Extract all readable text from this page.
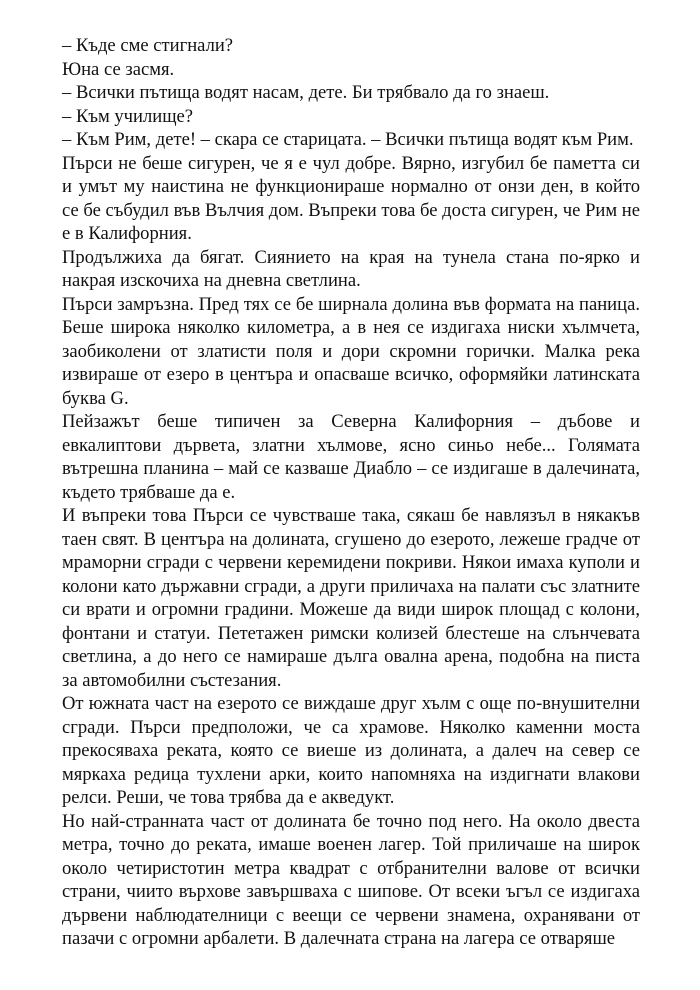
– Къде сме стигнали?

Юна се засмя.

– Всички пътища водят насам, дете. Би трябвало да го знаеш.

– Към училище?

– Към Рим, дете! – скара се старицата. – Всички пътища водят към Рим.

Пърси не беше сигурен, че я е чул добре. Вярно, изгубил бе паметта си и умът му наистина не функционираше нормално от онзи ден, в който се бе събудил във Вълчия дом. Въпреки това бе доста сигурен, че Рим не е в Калифорния.

Продължиха да бягат. Сиянието на края на тунела стана по-ярко и накрая изскочиха на дневна светлина.

Пърси замръзна. Пред тях се бе ширнала долина във формата на паница. Беше широка няколко километра, а в нея се издигаха ниски хълмчета, заобиколени от златисти поля и дори скромни горички. Малка река извираше от езеро в центъра и опасваше всичко, оформяйки латинската буква G.

Пейзажът беше типичен за Северна Калифорния – дъбове и евкалиптови дървета, златни хълмове, ясно синьо небе... Голямата вътрешна планина – май се казваше Диабло – се издигаше в далечината, където трябваше да е.

И въпреки това Пърси се чувстваше така, сякаш бе навлязъл в някакъв таен свят. В центъра на долината, сгушено до езерото, лежеше градче от мраморни сгради с червени керемидени покриви. Някои имаха куполи и колони като държавни сгради, а други приличаха на палати със златните си врати и огромни градини. Можеше да види широк площад с колони, фонтани и статуи. Пететажен римски колизей блестеше на слънчевата светлина, а до него се намираше дълга овална арена, подобна на писта за автомобилни състезания.

От южната част на езерото се виждаше друг хълм с още по-внушителни сгради. Пърси предположи, че са храмове. Няколко каменни моста прекосяваха реката, която се виеше из долината, а далеч на север се мяркаха редица тухлени арки, които напомняха на издигнати влакови релси. Реши, че това трябва да е акведукт.

Но най-странната част от долината бе точно под него. На около двеста метра, точно до реката, имаше военен лагер. Той приличаше на широк около четиристотин метра квадрат с отбранителни валове от всички страни, чиито върхове завършваха с шипове. От всеки ъгъл се издигаха дървени наблюдателници с веещи се червени знамена, охранявани от пазачи с огромни арбалети. В далечната страна на лагера се отваряше
